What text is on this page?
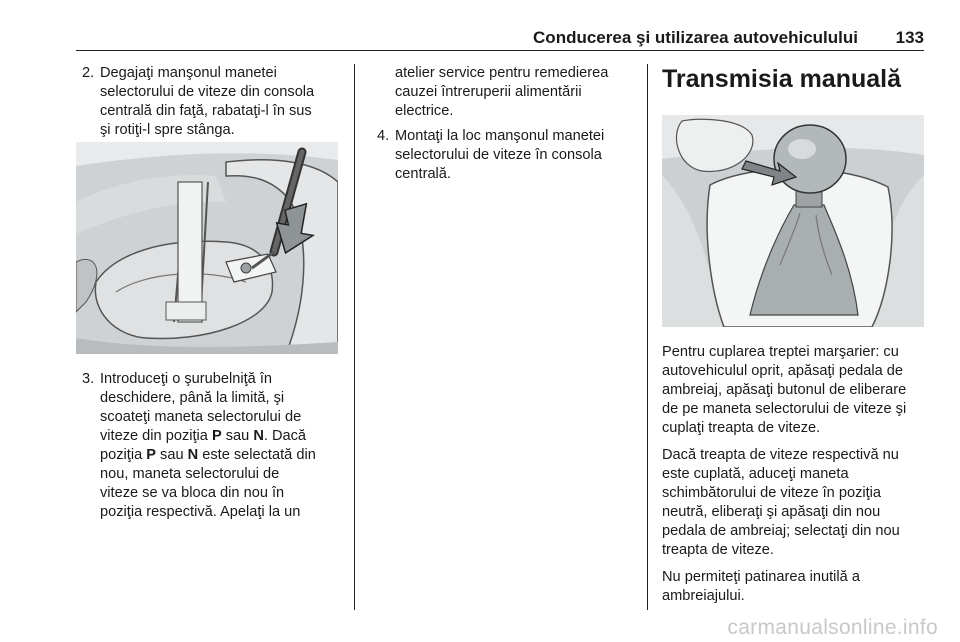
Conducerea şi utilizarea autovehiculului 133
2. Degajaţi manşonul manetei
selectorului de viteze din consola
centrală din faţă, rabataţi-l în sus
şi rotiţi-l spre stânga.
3. Introduceţi o şurubelniţă în
deschidere, până la limită, şi
scoateţi maneta selectorului de
viteze din poziţia P sau N. Dacă
poziţia P sau N este selectată din
nou, maneta selectorului de
viteze se va bloca din nou în
poziţia respectivă. Apelaţi la un
atelier service pentru remedierea
cauzei întreruperii alimentării
electrice.
4. Montaţi la loc manşonul manetei
selectorului de viteze în consola
centrală.
Transmisia manuală
Pentru cuplarea treptei marşarier: cu
autovehiculul oprit, apăsaţi pedala de
ambreiaj, apăsaţi butonul de eliberare
de pe maneta selectorului de viteze şi
cuplaţi treapta de viteze.
Dacă treapta de viteze respectivă nu
este cuplată, aduceţi maneta
schimbătorului de viteze în poziţia
neutră, eliberaţi şi apăsaţi din nou
pedala de ambreiaj; selectaţi din nou
treapta de viteze.
Nu permiteţi patinarea inutilă a
ambreiajului.
carmanualsonline.info
